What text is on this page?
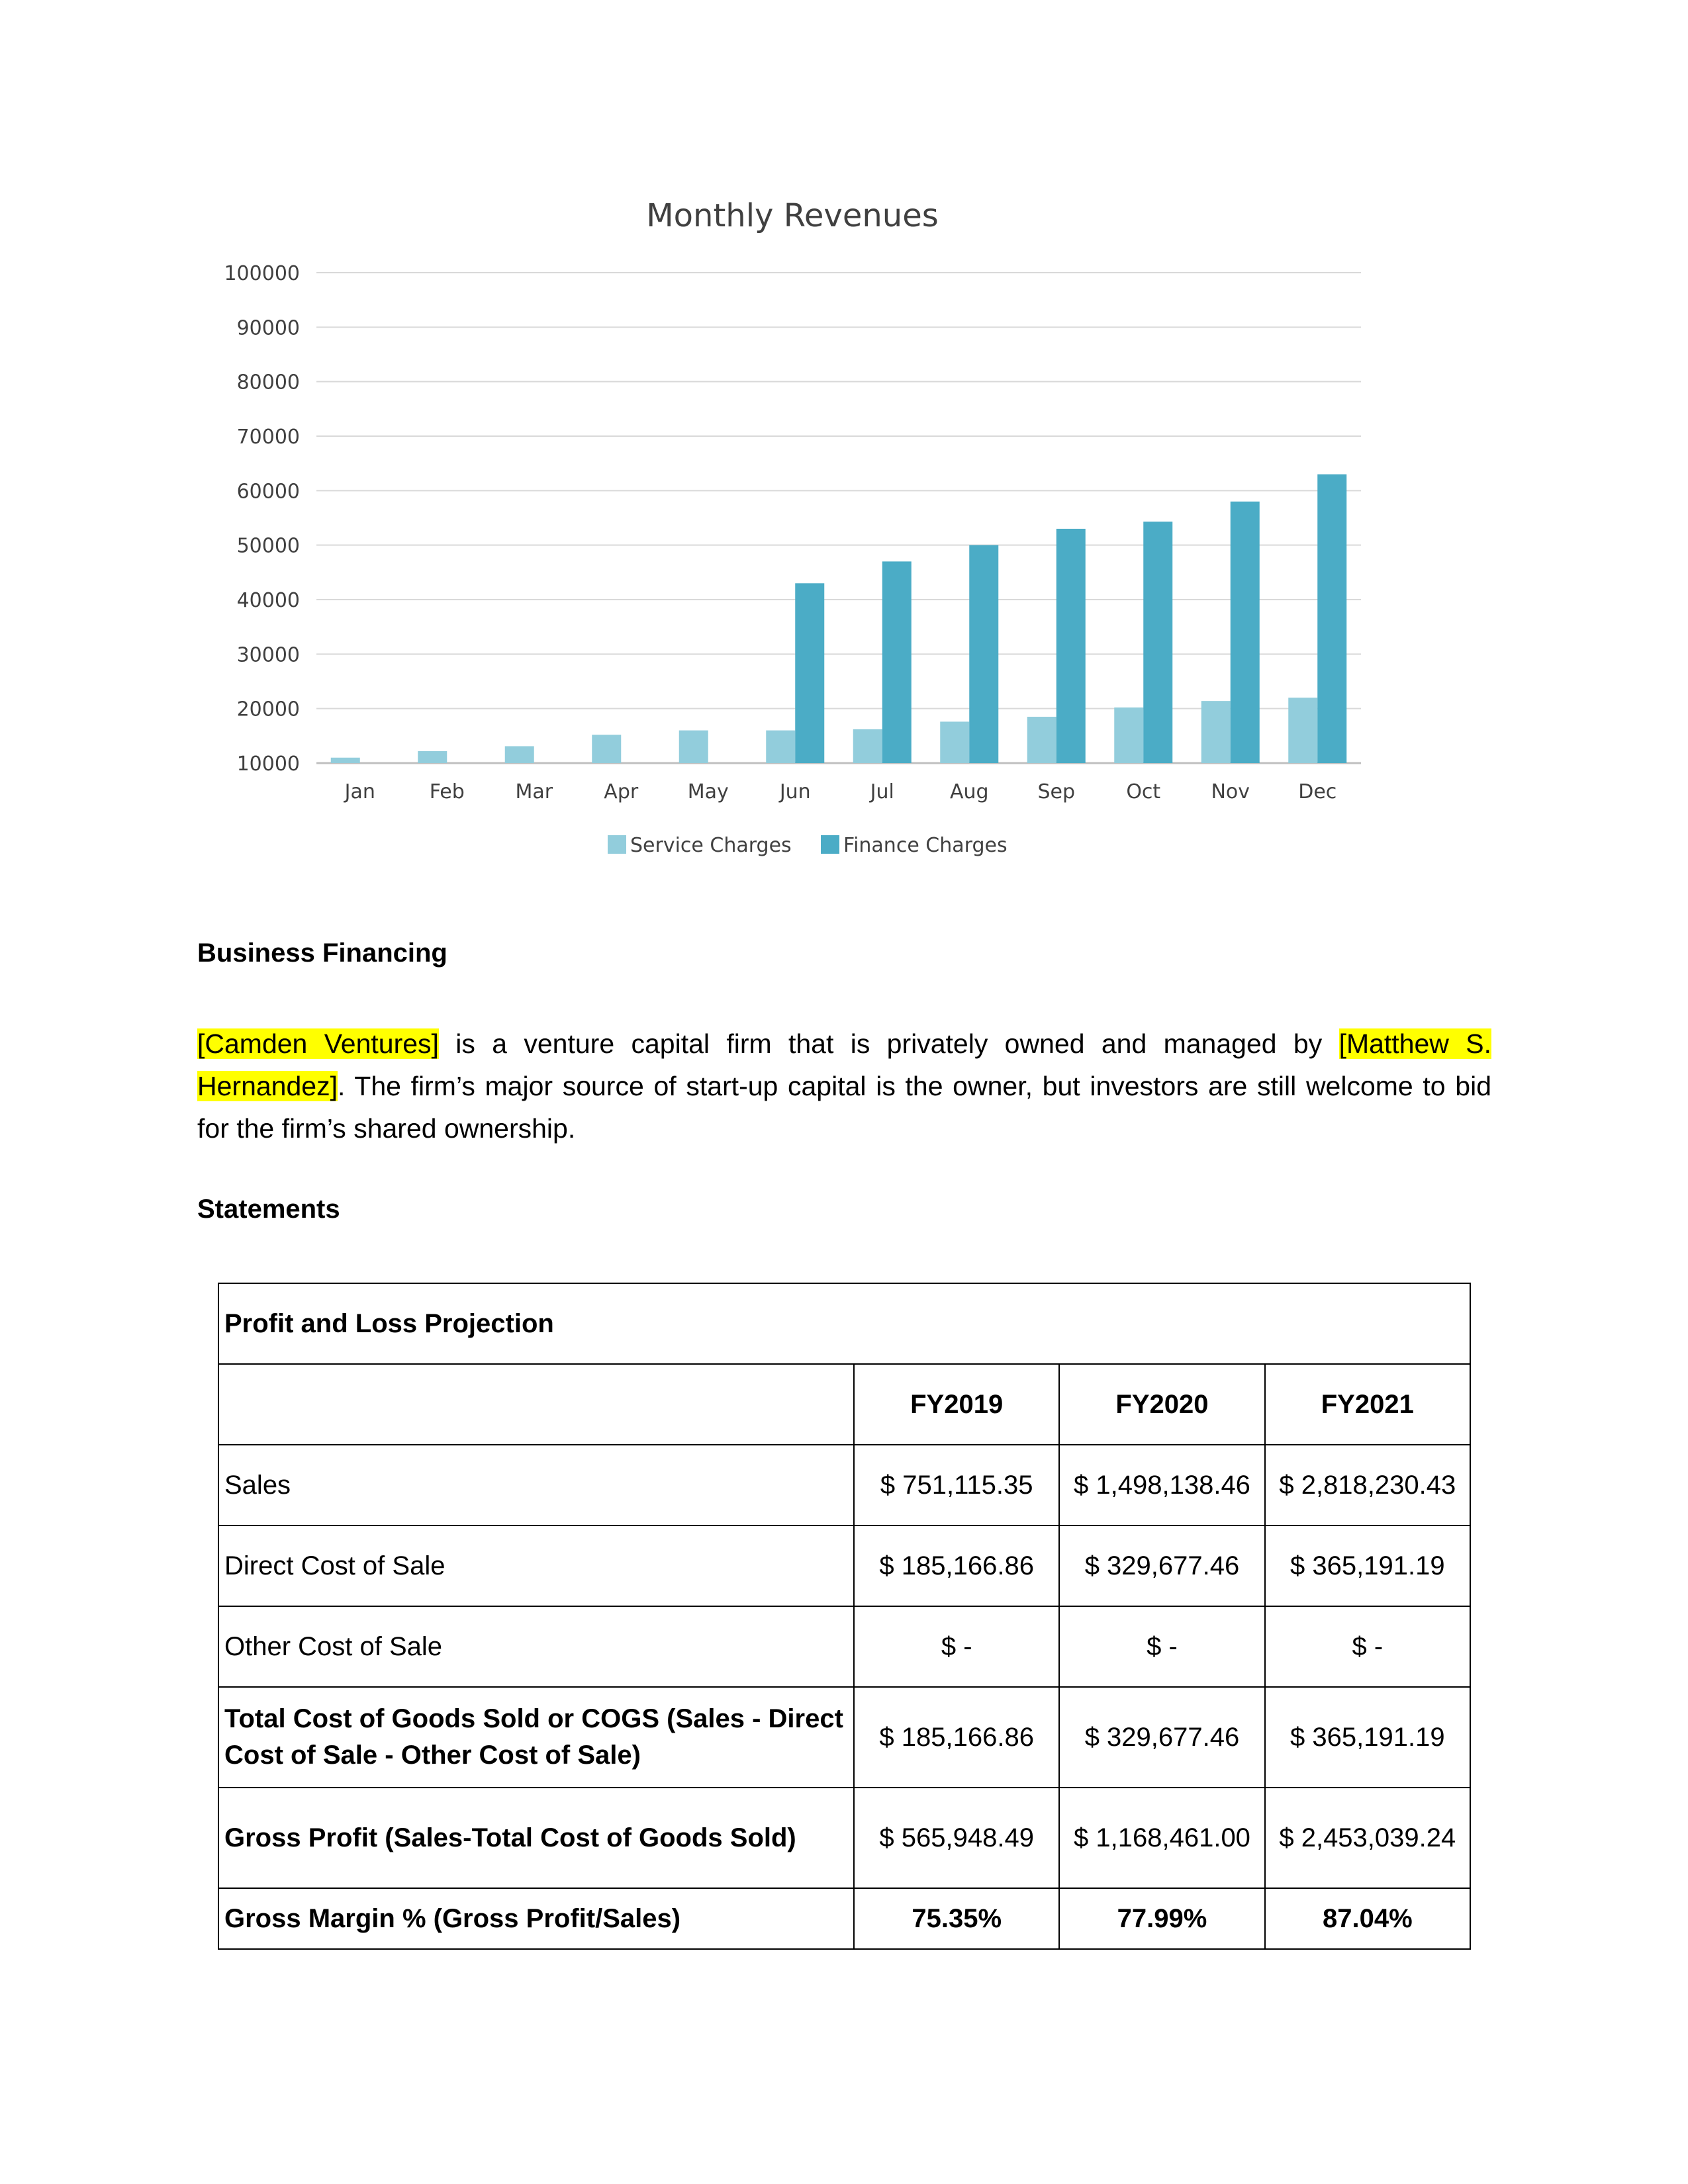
Monthly Revenues
10000
20000
30000
40000
50000
60000
70000
80000
90000
100000
Jan	Feb	Mar	Apr May	Jun	Jul	Aug Sep	Oct	Nov Dec
Service Charges	Finance Charges
Business Financing

[Camden Ventures] is a venture capital firm that is privately owned and managed by [Matthew S. Hernandez]. The firm’s major source of start-up capital is the owner, but investors are still welcome to bid for the firm’s shared ownership.

Statements
Profit and Loss Projection			
	FY2019	FY2020	FY2021
Sales	$ 751,115.35	$ 1,498,138.46	$ 2,818,230.43
Direct Cost of Sale	$ 185,166.86	$ 329,677.46	$ 365,191.19
Other Cost of Sale	$ -	$ -	$ -
Total Cost of Goods Sold or COGS (Sales - Direct Cost of Sale - Other Cost of Sale)	$ 185,166.86	$ 329,677.46	$ 365,191.19
Gross Profit (Sales-Total Cost of Goods Sold)	$ 565,948.49	$ 1,168,461.00	$ 2,453,039.24
Gross Margin % (Gross Profit/Sales)	75.35%	77.99%	87.04%
